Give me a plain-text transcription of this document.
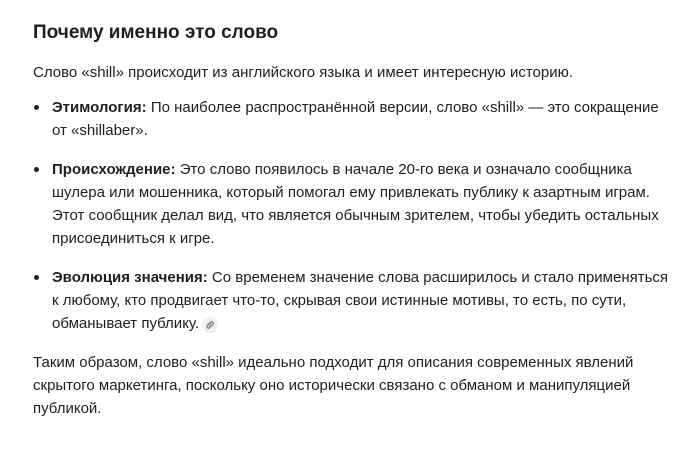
Почему именно это слово

Слово «shill» происходит из английского языка и имеет интересную историю.

Этимология: По наиболее распространённой версии, слово «shill» — это сокращение от «shillaber».
Происхождение: Это слово появилось в начале 20-го века и означало сообщника шулера или мошенника, который помогал ему привлекать публику к азартным играм. Этот сообщник делал вид, что является обычным зрителем, чтобы убедить остальных присоединиться к игре.
Эволюция значения: Со временем значение слова расширилось и стало применяться к любому, кто продвигает что-то, скрывая свои истинные мотивы, то есть, по сути, обманывает публику.

Таким образом, слово «shill» идеально подходит для описания современных явлений скрытого маркетинга, поскольку оно исторически связано с обманом и манипуляцией публикой.
